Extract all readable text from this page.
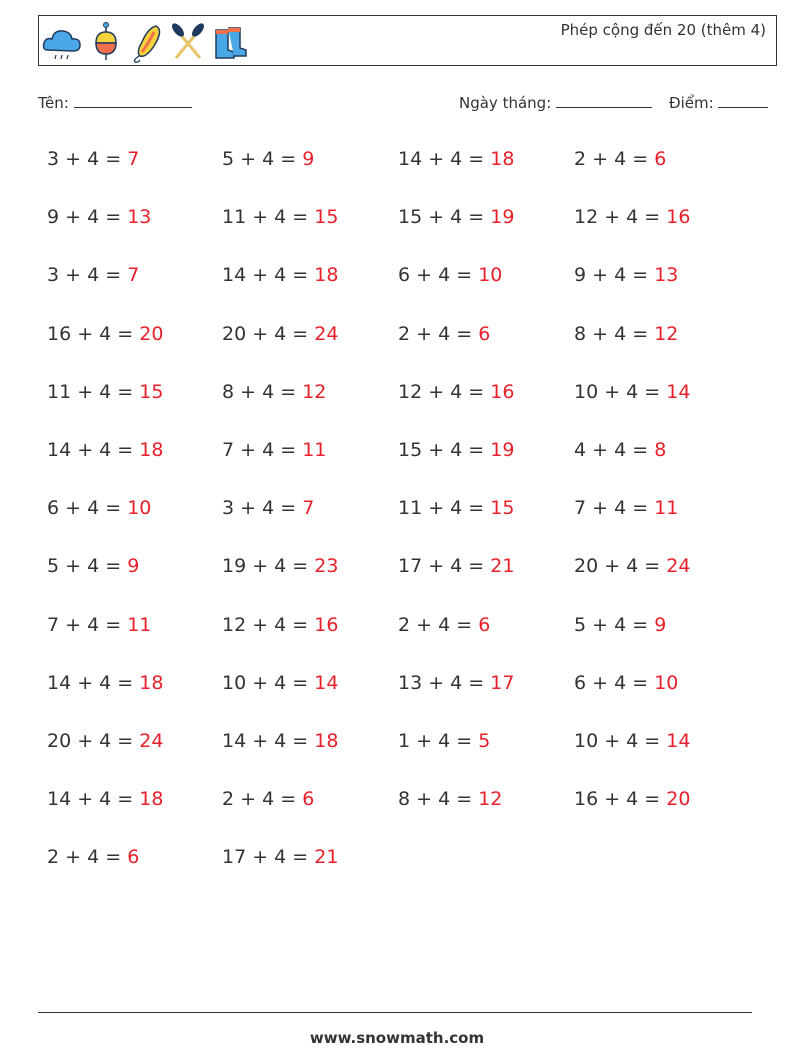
Phép cộng đến 20 (thêm 4)
Tên:	Ngày tháng:	Điểm:
3 + 4 = 7	5 + 4 = 9	14 + 4 = 18	2 + 4 = 6
9 + 4 = 13	11 + 4 = 15	15 + 4 = 19	12 + 4 = 16
3 + 4 = 7	14 + 4 = 18	6 + 4 = 10	9 + 4 = 13
16 + 4 = 20	20 + 4 = 24	2 + 4 = 6	8 + 4 = 12
11 + 4 = 15	8 + 4 = 12	12 + 4 = 16	10 + 4 = 14
14 + 4 = 18	7 + 4 = 11	15 + 4 = 19	4 + 4 = 8
6 + 4 = 10	3 + 4 = 7	11 + 4 = 15	7 + 4 = 11
5 + 4 = 9	19 + 4 = 23	17 + 4 = 21	20 + 4 = 24
7 + 4 = 11	12 + 4 = 16	2 + 4 = 6	5 + 4 = 9
14 + 4 = 18	10 + 4 = 14	13 + 4 = 17	6 + 4 = 10
20 + 4 = 24	14 + 4 = 18	1 + 4 = 5	10 + 4 = 14
14 + 4 = 18	2 + 4 = 6	8 + 4 = 12	16 + 4 = 20
2 + 4 = 6	17 + 4 = 21
www.snowmath.com
